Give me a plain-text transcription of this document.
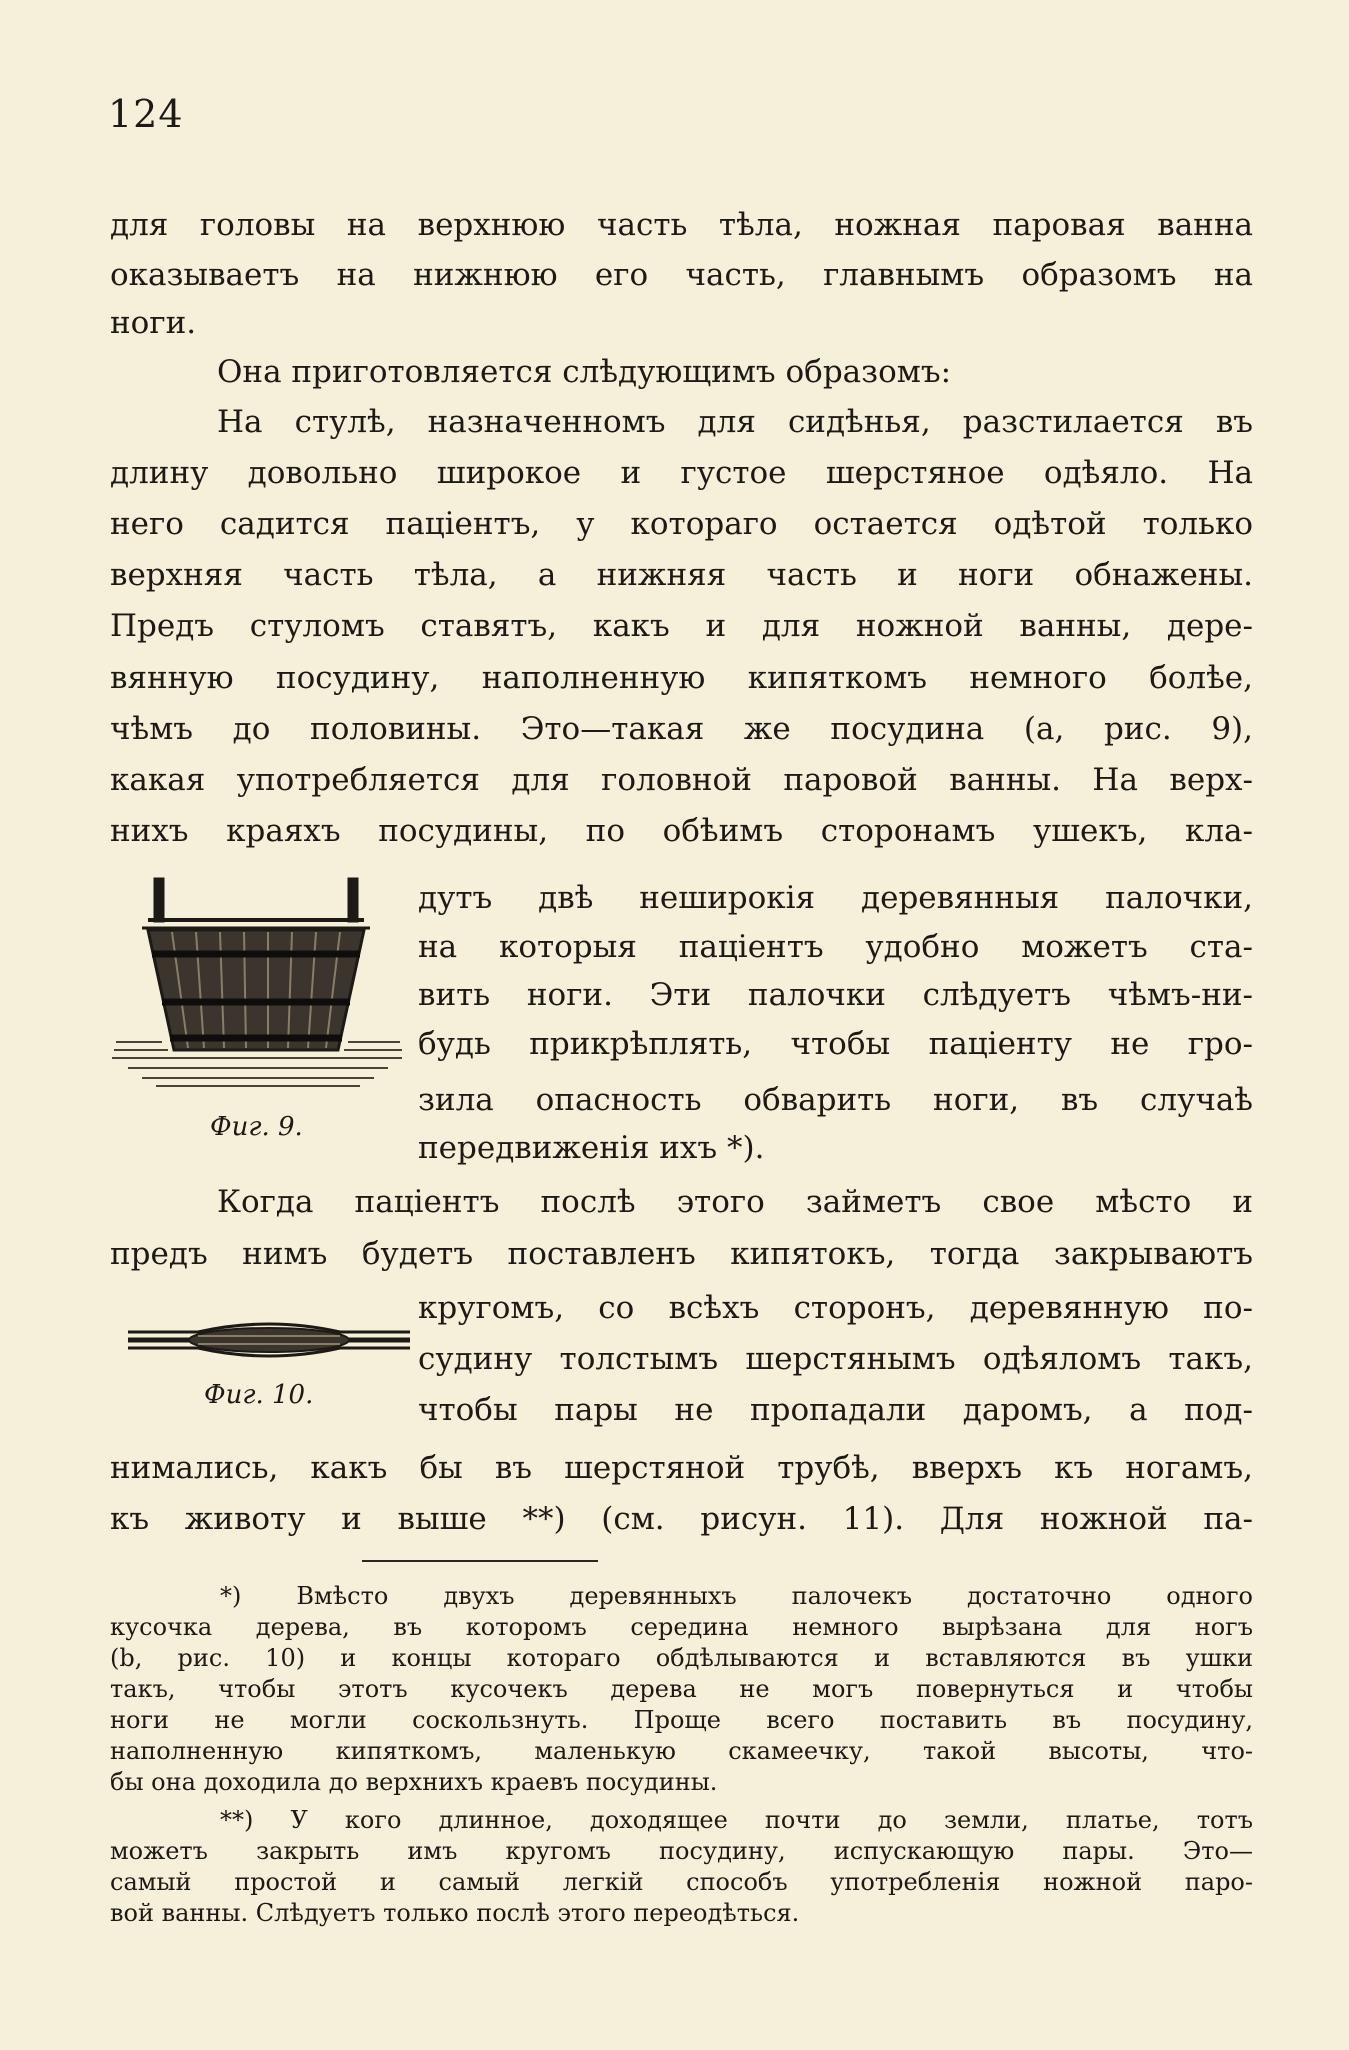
124

для головы на верхнюю часть тѣла, ножная паровая ванна

оказываетъ на нижнюю его часть, главнымъ образомъ на

ноги.

Она приготовляется слѣдующимъ образомъ:

На стулѣ, назначенномъ для сидѣнья, разстилается въ

длину довольно широкое и густое шерстяное одѣяло. На

него садится паціентъ, у котораго остается одѣтой только

верхняя часть тѣла, а нижняя часть и ноги обнажены.

Предъ стуломъ ставятъ, какъ и для ножной ванны, дере-

вянную посудину, наполненную кипяткомъ немного болѣе,

чѣмъ до половины. Это—такая же посудина (a, рис. 9),

какая употребляется для головной паровой ванны. На верх-

нихъ краяхъ посудины, по обѣимъ сторонамъ ушекъ, кла-

дутъ двѣ неширокія деревянныя палочки,

на которыя паціентъ удобно можетъ ста-

вить ноги. Эти палочки слѣдуетъ чѣмъ-ни-

будь прикрѣплять, чтобы паціенту не гро-

зила опасность обварить ноги, въ случаѣ

передвиженія ихъ *).

Когда паціентъ послѣ этого займетъ свое мѣсто и

предъ нимъ будетъ поставленъ кипятокъ, тогда закрываютъ

кругомъ, со всѣхъ сторонъ, деревянную по-

судину толстымъ шерстянымъ одѣяломъ такъ,

чтобы пары не пропадали даромъ, а под-

нимались, какъ бы въ шерстяной трубѣ, вверхъ къ ногамъ,

къ животу и выше **) (см. рисун. 11). Для ножной па-

Фиг. 9.
Фиг. 10.

*) Вмѣсто двухъ деревянныхъ палочекъ достаточно одного

кусочка дерева, въ которомъ середина немного вырѣзана для ногъ

(b, рис. 10) и концы котораго обдѣлываются и вставляются въ ушки

такъ, чтобы этотъ кусочекъ дерева не могъ повернуться и чтобы

ноги не могли соскользнуть. Проще всего поставить въ посудину,

наполненную кипяткомъ, маленькую скамеечку, такой высоты, что-

бы она доходила до верхнихъ краевъ посудины.

**) У кого длинное, доходящее почти до земли, платье, тотъ

можетъ закрыть имъ кругомъ посудину, испускающую пары. Это—

самый простой и самый легкій способъ употребленія ножной паро-

вой ванны. Слѣдуетъ только послѣ этого переодѣться.
